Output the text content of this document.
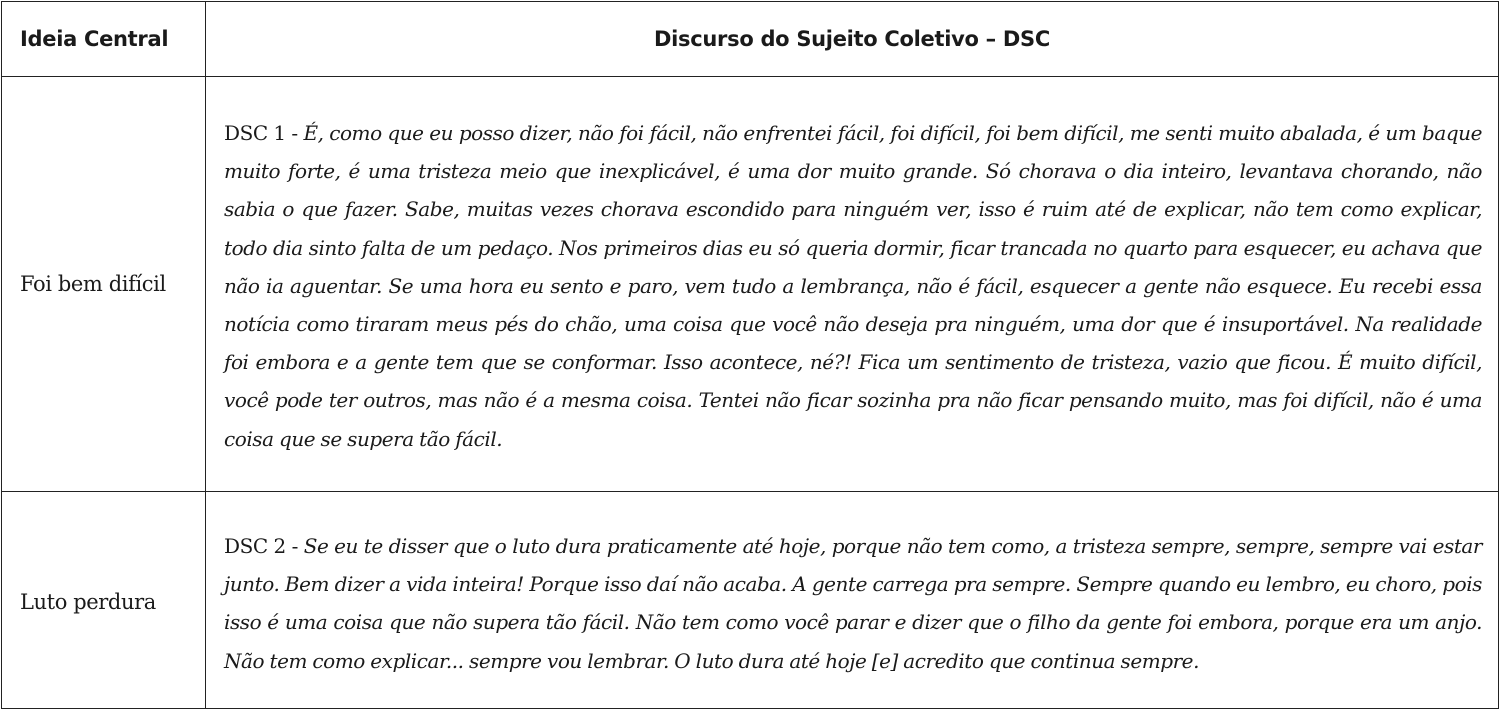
Ideia Central	Discurso do Sujeito Coletivo – DSC
Foi bem difícil
DSC 1 - É, como que eu posso dizer, não foi fácil, não enfrentei fácil, foi difícil, foi bem difícil, me senti muito abalada, é um baque muito forte, é uma tristeza meio que inexplicável, é uma dor muito grande. Só chorava o dia inteiro, levantava chorando, não sabia o que fazer. Sabe, muitas vezes chorava escondido para ninguém ver, isso é ruim até de explicar, não tem como explicar, todo dia sinto falta de um pedaço. Nos primeiros dias eu só queria dormir, ficar trancada no quarto para esquecer, eu achava que não ia aguentar. Se uma hora eu sento e paro, vem tudo a lembrança, não é fácil, esquecer a gente não esquece. Eu recebi essa notícia como tiraram meus pés do chão, uma coisa que você não deseja pra ninguém, uma dor que é insuportável. Na realidade foi embora e a gente tem que se conformar. Isso acontece, né?! Fica um sentimento de tristeza, vazio que ficou. É muito difícil, você pode ter outros, mas não é a mesma coisa. Tentei não ficar sozinha pra não ficar pensando muito, mas foi difícil, não é uma coisa que se supera tão fácil.
Luto perdura
DSC 2 - Se eu te disser que o luto dura praticamente até hoje, porque não tem como, a tristeza sempre, sempre, sempre vai estar junto. Bem dizer a vida inteira! Porque isso daí não acaba. A gente carrega pra sempre. Sempre quando eu lembro, eu choro, pois isso é uma coisa que não supera tão fácil. Não tem como você parar e dizer que o filho da gente foi embora, porque era um anjo. Não tem como explicar... sempre vou lembrar. O luto dura até hoje [e] acredito que continua sempre.
